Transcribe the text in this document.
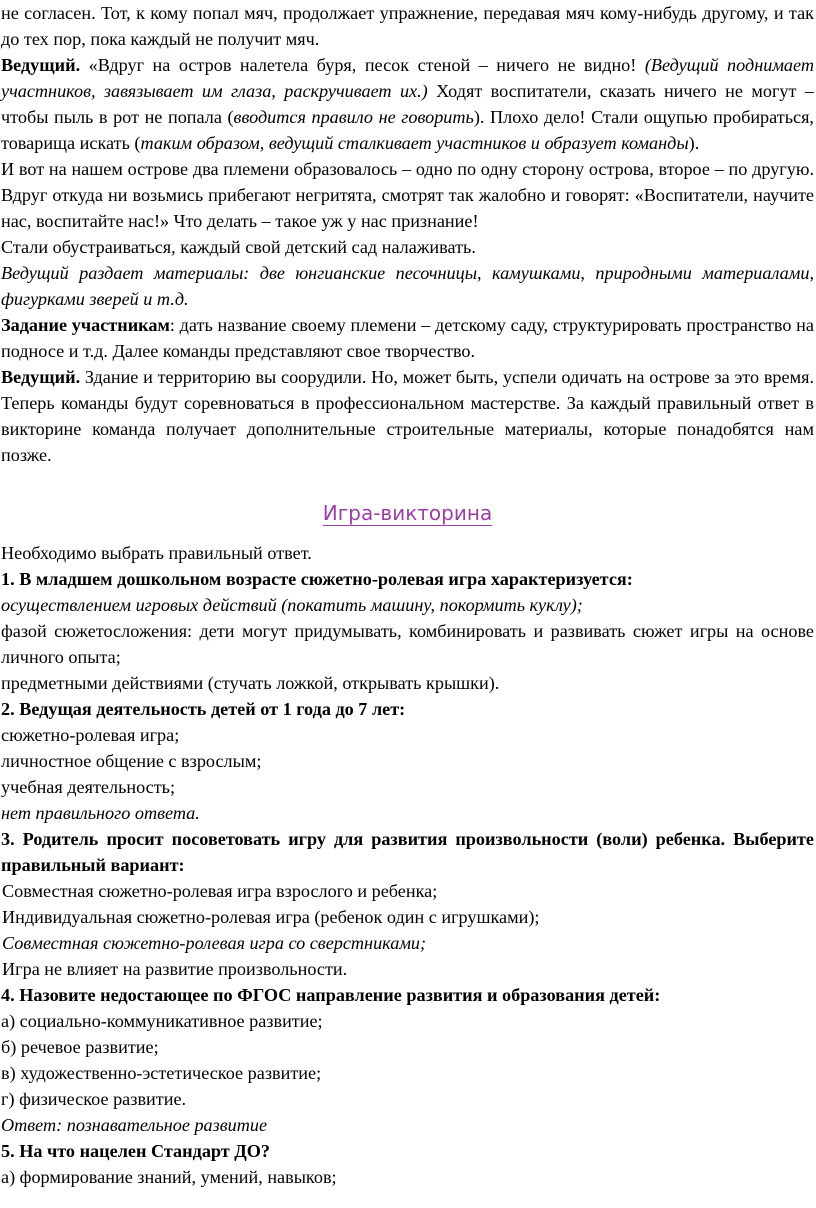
не согласен. Тот, к кому попал мяч, продолжает упражнение, передавая мяч кому-нибудь другому, и так до тех пор, пока каждый не получит мяч.

Ведущий. «Вдруг на остров налетела буря, песок стеной – ничего не видно! (Ведущий поднимает участников, завязывает им глаза, раскручивает их.) Ходят воспитатели, сказать ничего не могут – чтобы пыль в рот не попала (вводится правило не говорить). Плохо дело! Стали ощупью пробираться, товарища искать (таким образом, ведущий сталкивает участников и образует команды).

И вот на нашем острове два племени образовалось – одно по одну сторону острова, второе – по другую. Вдруг откуда ни возьмись прибегают негритята, смотрят так жалобно и говорят: «Воспитатели, научите нас, воспитайте нас!» Что делать – такое уж у нас признание!

Стали обустраиваться, каждый свой детский сад налаживать.

Ведущий раздает материалы: две юнгианские песочницы, камушками, природными материалами, фигурками зверей и т.д.

Задание участникам: дать название своему племени – детскому саду, структурировать пространство на подносе и т.д. Далее команды представляют свое творчество.

Ведущий. Здание и территорию вы соорудили. Но, может быть, успели одичать на острове за это время. Теперь команды будут соревноваться в профессиональном мастерстве. За каждый правильный ответ в викторине команда получает дополнительные строительные материалы, которые понадобятся нам позже.

Игра-викторина

Необходимо выбрать правильный ответ.

1. В младшем дошкольном возрасте сюжетно-ролевая игра характеризуется:

осуществлением игровых действий (покатить машину, покормить куклу);

фазой сюжетосложения: дети могут придумывать, комбинировать и развивать сюжет игры на основе личного опыта;

предметными действиями (стучать ложкой, открывать крышки).

2. Ведущая деятельность детей от 1 года до 7 лет:

сюжетно-ролевая игра;

личностное общение с взрослым;

учебная деятельность;

нет правильного ответа.

3. Родитель просит посоветовать игру для развития произвольности (воли) ребенка. Выберите правильный вариант:

Совместная сюжетно-ролевая игра взрослого и ребенка;

Индивидуальная сюжетно-ролевая игра (ребенок один с игрушками);

Совместная сюжетно-ролевая игра со сверстниками;

Игра не влияет на развитие произвольности.

4. Назовите недостающее по ФГОС направление развития и образования детей:

а) социально-коммуникативное развитие;

б) речевое развитие;

в) художественно-эстетическое развитие;

г) физическое развитие.

Ответ: познавательное развитие

5. На что нацелен Стандарт ДО?

а) формирование знаний, умений, навыков;
